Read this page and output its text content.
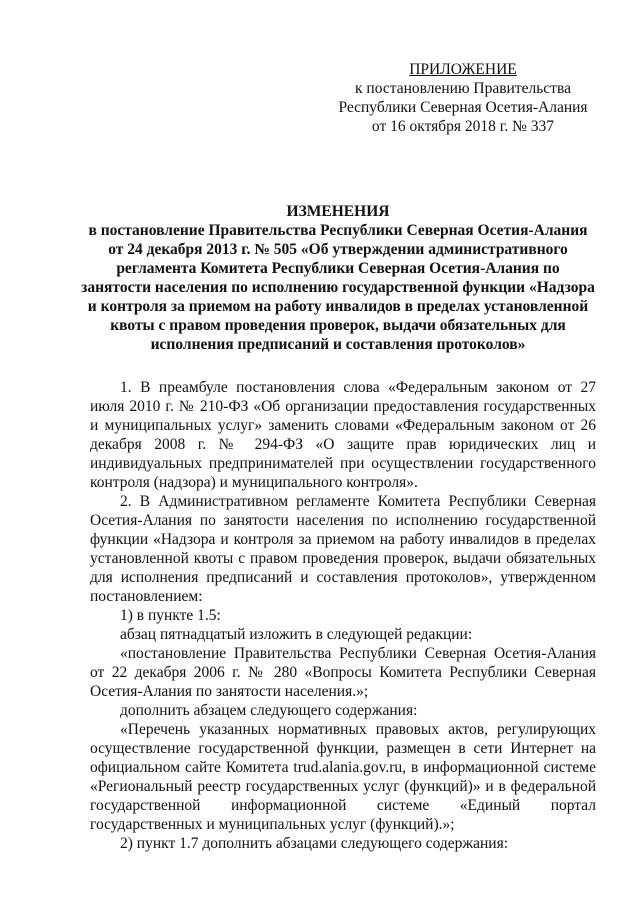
ПРИЛОЖЕНИЕ
к постановлению Правительства
Республики Северная Осетия-Алания
от 16 октября 2018 г. № 337
ИЗМЕНЕНИЯ
в постановление Правительства Республики Северная Осетия-Алания от 24 декабря 2013 г. № 505 «Об утверждении административного регламента Комитета Республики Северная Осетия-Алания по занятости населения по исполнению государственной функции «Надзора и контроля за приемом на работу инвалидов в пределах установленной квоты с правом проведения проверок, выдачи обязательных для исполнения предписаний и составления протоколов»

1. В преамбуле постановления слова «Федеральным законом от 27 июля 2010 г. № 210-ФЗ «Об организации предоставления государственных и муниципальных услуг» заменить словами «Федеральным законом от 26 декабря 2008 г. № 294-ФЗ «О защите прав юридических лиц и индивидуальных предпринимателей при осуществлении государственного контроля (надзора) и муниципального контроля».

2. В Административном регламенте Комитета Республики Северная Осетия-Алания по занятости населения по исполнению государственной функции «Надзора и контроля за приемом на работу инвалидов в пределах установленной квоты с правом проведения проверок, выдачи обязательных для исполнения предписаний и составления протоколов», утвержденном постановлением:

1) в пункте 1.5:

абзац пятнадцатый изложить в следующей редакции:

«постановление Правительства Республики Северная Осетия-Алания от 22 декабря 2006 г. № 280 «Вопросы Комитета Республики Северная Осетия-Алания по занятости населения.»;

дополнить абзацем следующего содержания:

«Перечень указанных нормативных правовых актов, регулирующих осуществление государственной функции, размещен в сети Интернет на официальном сайте Комитета trud.alania.gov.ru, в информационной системе «Региональный реестр государственных услуг (функций)» и в федеральной государственной информационной системе «Единый портал государственных и муниципальных услуг (функций).»;

2) пункт 1.7 дополнить абзацами следующего содержания:
